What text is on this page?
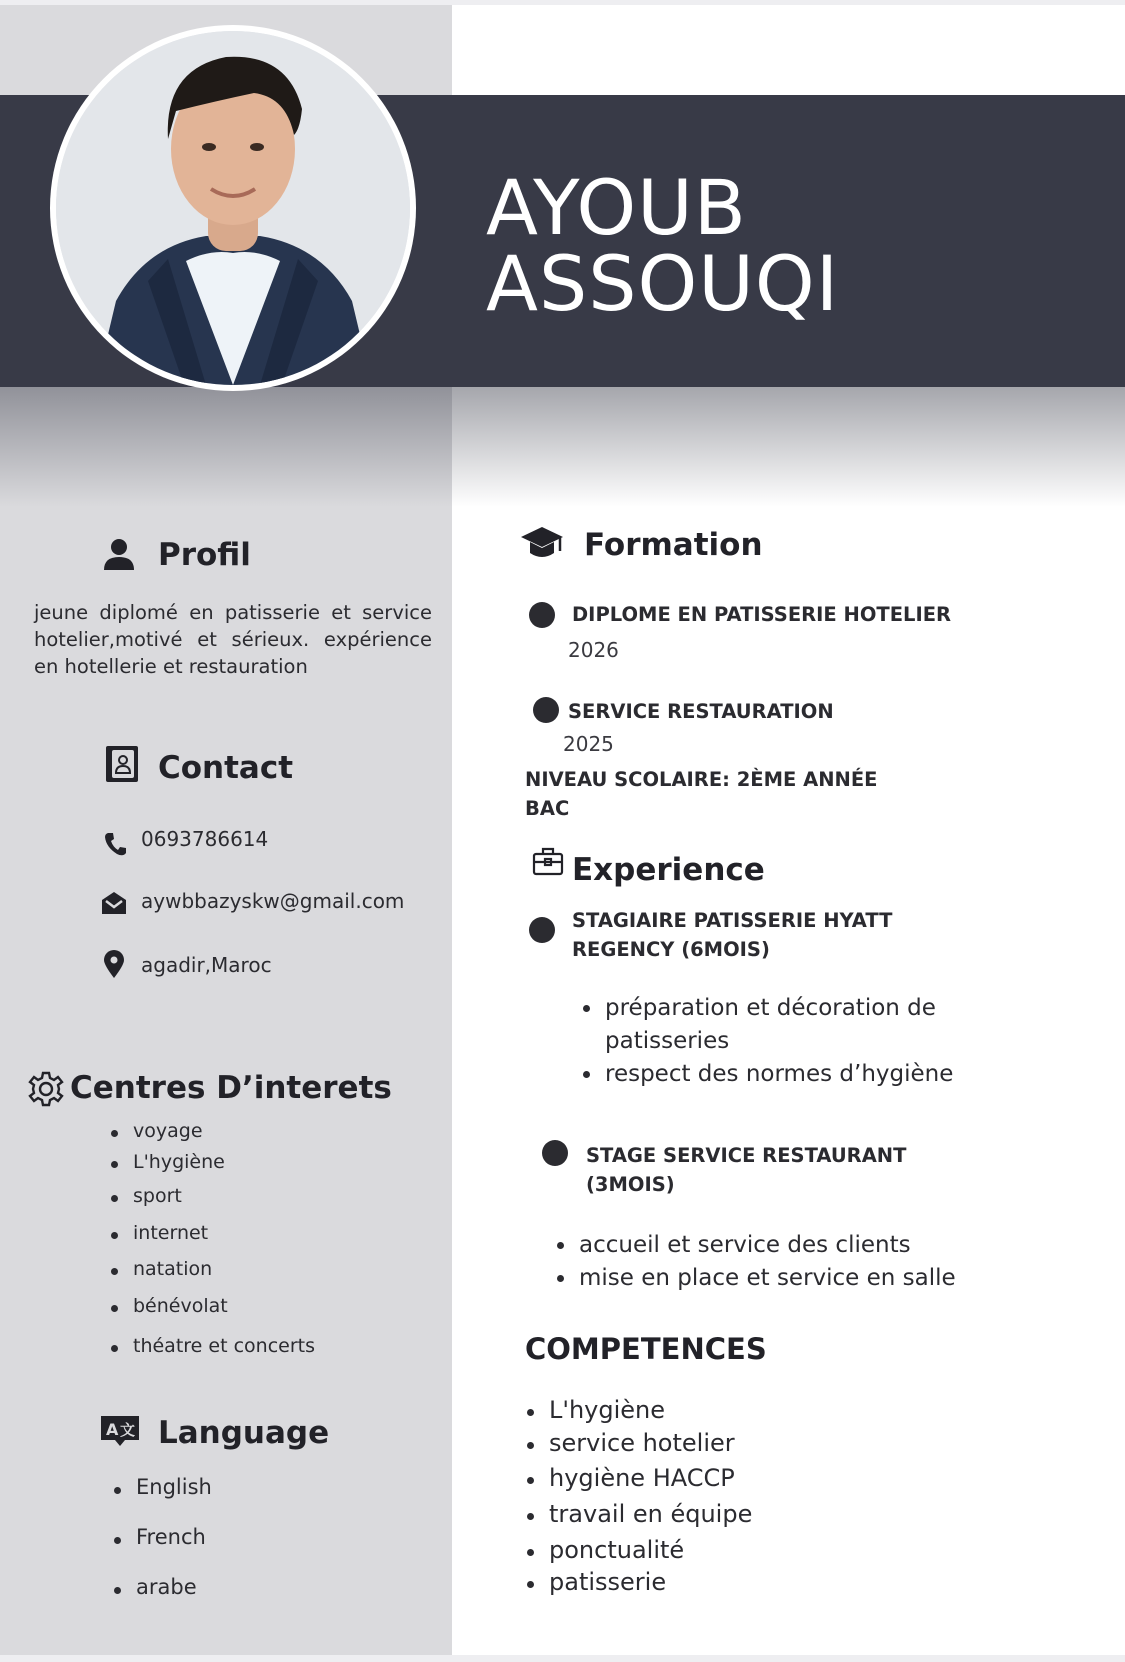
AYOUB
ASSOUQI
Profil
jeune diplomé en patisserie et service hotelier,motivé et sérieux. expérience en hotellerie et restauration
Contact
0693786614
aywbbazyskw@gmail.com
agadir,Maroc
Centres D’interets
voyage
L'hygiène
sport
internet
natation
bénévolat
théatre et concerts
A 文 Language
English
French
arabe
Formation
DIPLOME EN PATISSERIE HOTELIER
2026
SERVICE RESTAURATION
2025
NIVEAU SCOLAIRE: 2ÈME ANNÉE
BAC
Experience
STAGIAIRE PATISSERIE HYATT
REGENCY (6MOIS)
préparation et décoration de
patisseries
respect des normes d’hygiène
STAGE SERVICE RESTAURANT
(3MOIS)
accueil et service des clients
mise en place et service en salle
COMPETENCES
L'hygiène
service hotelier
hygiène HACCP
travail en équipe
ponctualité
patisserie
